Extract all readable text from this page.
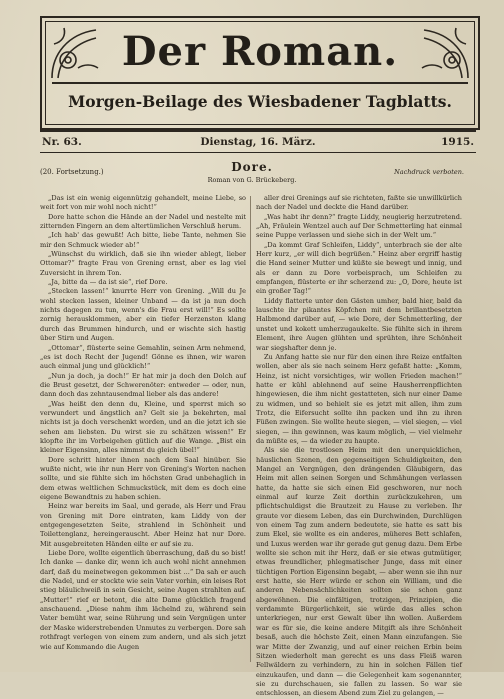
Der Roman.
Morgen-Beilage des Wiesbadener Tagblatts.
Nr. 63.	Dienstag, 16. März.	1915.
(20. Fortsetzung.)	Dore.
Roman von G. Brückeberg.
Nachdruck verboten.

„Das ist ein wenig eigennützig gehandelt, meine Liebe, so weit fort von mir wohl noch nicht!“

Dore hatte schon die Hände an der Nadel und nestelte mit zitternden Fingern an dem altertümlichen Verschluß herum.

„Ich hab' das gewußt! Ach bitte, liebe Tante, nehmen Sie mir den Schmuck wieder ab!“

„Wünschst du wirklich, daß sie ihn wieder ablegt, lieber Ottomar?“ fragte Frau von Grening ernst, aber es lag viel Zuversicht in ihrem Ton.

„Ja, bitte da — da ist sie“, rief Dore.

„Stecken lassen!“ knurrte Herr von Grening. „Will du Je wohl stecken lassen, kleiner Unband — da ist ja nun doch nichts dagegen zu tun, wenn's die Frau erst will!“ Es sollte zornig herausklommen, aber ein tiefer Herzenston klang durch das Brummen hindurch, und er wischte sich hastig über Stirn und Augen.

„Ottomar“, flüsterte seine Gemahlin, seinen Arm nehmend, „es ist doch Recht der Jugend! Gönne es ihnen, wir waren auch einmal jung und glücklich!“

„Nun ja doch, ja doch!“ Er hat mir ja doch den Dolch auf die Brust gesetzt, der Schwerenöter: entweder — oder, nun, dann doch das zehntausendmal lieber als das andere!

„Was heißt den denn du, Kleine, und sperrst mich so verwundert und ängstlich an? Gelt sie ja bekehrten, mal nichts ist ja doch verschenkt worden, und an die jetzt ich sie sehen am liebsten. Du wirst sie zu schätzen wissen!“ Er klopfte ihr im Vorbeigehen gütlich auf die Wange. „Bist ein kleiner Eigensinn, alles nimmst du gleich übel!“

Dore schritt hinter ihnen nach dem Saal hinüber. Sie wußte nicht, wie ihr nun Herr von Grening's Worten nachen sollte, und sie fühlte sich im höchsten Grad unbehaglich in dem etwas weltlichen Schmuckstück, mit dem es doch eine eigene Bewandtnis zu haben schien.

Heinz war bereits im Saal, und gerade, als Herr und Frau von Grening mit Dore eintraten, kam Liddy von der entgegengesetzten Seite, strahlend in Schönheit und Toilettenglanz, hereingerauscht. Aber Heinz hat nur Dore. Mit ausgebreiteten Händen eilte er auf sie zu.

Liebe Dore, wollte eigentlich überraschung, daß du so bist! Ich danke — danke dir, wenn ich auch wohl nicht annehmen darf, daß du meinetwegen gekommen bist ...“ Da sah er auch die Nadel, und er stockte wie sein Vater vorhin, ein leises Rot stieg bläulichweiß in sein Gesicht, seine Augen strahlten auf. „Mutter!“ rief er betont, die alte Dame glücklich fragend anschauend. „Diese nahm ihm lächelnd zu, während sein Vater bemüht war, seine Rührung und sein Vergnügen unter der Maske widerstrebenden Unmutes zu verbergen. Dore sah rothfragt verlegen von einem zum andern, und als sich jetzt wie auf Kommando die Augen

aller drei Grenings auf sie richteten, faßte sie unwillkürlich nach der Nadel und deckte die Hand darüber.

„Was habt ihr denn?“ fragte Liddy, neugierig herzutretend. „Ah, Fräulein Wentzel auch auf Der Schmetterling hat einmal seine Puppe verlassen und siehe sich in der Welt um.“

„Da kommt Graf Schleifen, Liddy“, unterbrach sie der alte Herr kurz, „er will dich begrüßen.“ Heinz aber ergriff hastig die Hand seiner Mutter und küßte sie bewegt und innig, und als er dann zu Dore vorbeisprach, um Schleifen zu empfangen, flüsterte er ihr scherzend zu: „O, Dore, heute ist ein großer Tag!“

Liddy flatterte unter den Gästen umher, bald hier, bald da lauschte ihr pikantes Köpfchen mit dem brillantbesetzten Halbmond darüber auf, — wie Dore, der Schmetterling, der unstet und kokett umherzugaukelte. Sie fühlte sich in ihrem Element, ihre Augen glühten und sprühten, ihre Schönheit war siegshafter denn je.

Zu Anfang hatte sie nur für den einen ihre Reize entfalten wollen, aber als sie nach seinem Herz gefaßt hatte: „Komm, Heinz, ist nicht vorsichtiges, wir wollen Frieden machen!“ hatte er kühl ablehnend auf seine Hausherrenpflichten hingewiesen, die ihm nicht gestatteten, sich nur einer Dame zu widmen, und so behielt sie es jetzt mit allen, ihm zum Trotz, die Eifersucht sollte ihn packen und ihn zu ihren Füßen zwingen. Sie wollte heute siegen, — viel siegen, — viel siegen, — ihn gewinnen, was kaum möglich, — viel vielmehr da müßte es, — da wieder zu haupte.

Als sie die trostlosen Heim mit den unerquicklichen, häuslichen Szenen, den gegenseitigen Schuldigkeiten, den Mangel an Vergnügen, den drängenden Gläubigern, das Heim mit allen seinen Sorgen und Schmähungen verlassen hatte, da hatte sie sich einen Eid geschworen, nur noch einmal auf kurze Zeit dorthin zurückzukehren, um pflichtschuldigst die Brautzeit zu Hause zu verleben. Ihr graute vor diesem Leben, das ein Durchwinden, Durchlügen von einem Tag zum andern bedeutete, sie hatte es satt bis zum Ekel, sie wollte es ein anderes, müheres Bett schlafen, und Luxus werden war ihr gerade gut genug dazu. Dem Erbe wollte sie schon mit ihr Herz, daß er sie etwas gutmütiger, etwas freundlicher, phlegmatischer Junge, dass mit einer tüchtigen Portion Eigensinn begabt, — aber wenn sie ihn nur erst hatte, sie Herr würde er schon ein William, und die anderen Nebensächlichkeiten sollten sie schon ganz abgewöhnen. Die einfältigen, trotzigen, Prinzipien, die verdammte Bürgerlichkeit, sie würde das alles schon unterkriegen, nur erst Gewalt über ihn wollen. Außerdem war es für sie, die keine andere Mitgift als ihre Schönheit besaß, auch die höchste Zeit, einen Mann einzufangen. Sie war Mitte der Zwanzig, und auf einer reichen Erbin beim Sitzen wiederholt man gerecht es uns dass Fleiß waren Fellwäldern zu verhindern, zu hin in solchen Fällen tief einzukaufen, und dann — die Gelegenheit kam sogenannter, sie zu durchschauen, sie fallen zu lassen. So war sie entschlossen, an diesem Abend zum Ziel zu gelangen, —
